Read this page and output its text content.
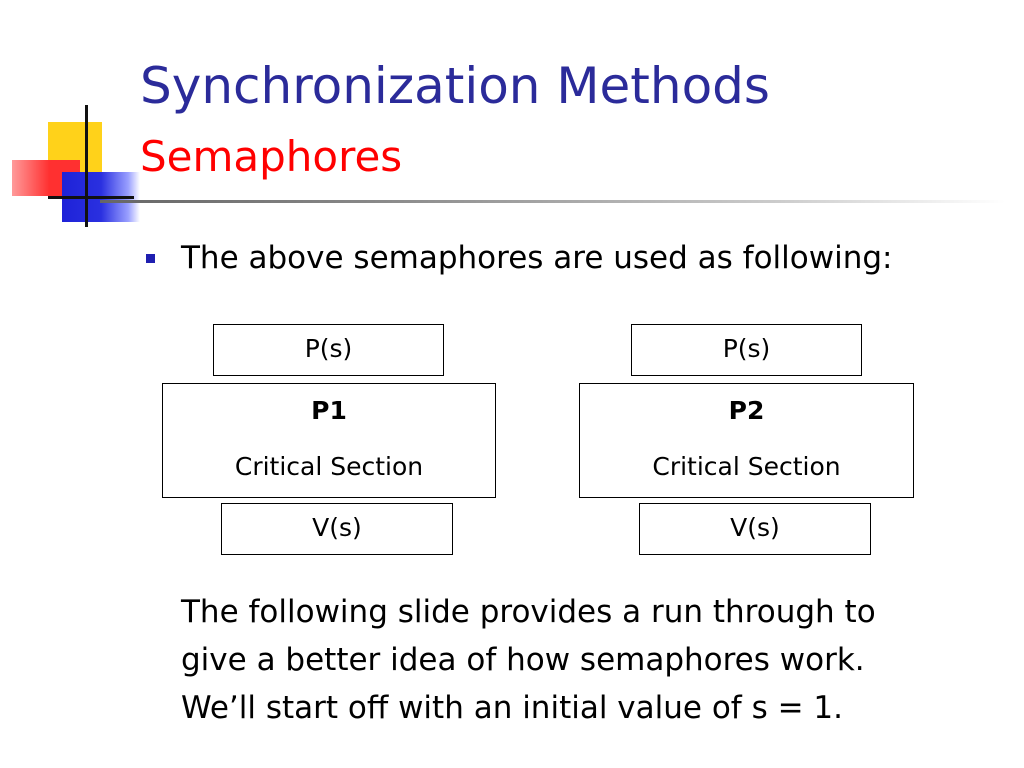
Synchronization Methods
Semaphores
The above semaphores are used as following:
P(s)
P1
Critical Section
V(s)
P(s)
P2
Critical Section
V(s)

The following slide provides a run through to
give a better idea of how semaphores work.
We’ll start off with an initial value of s = 1.
